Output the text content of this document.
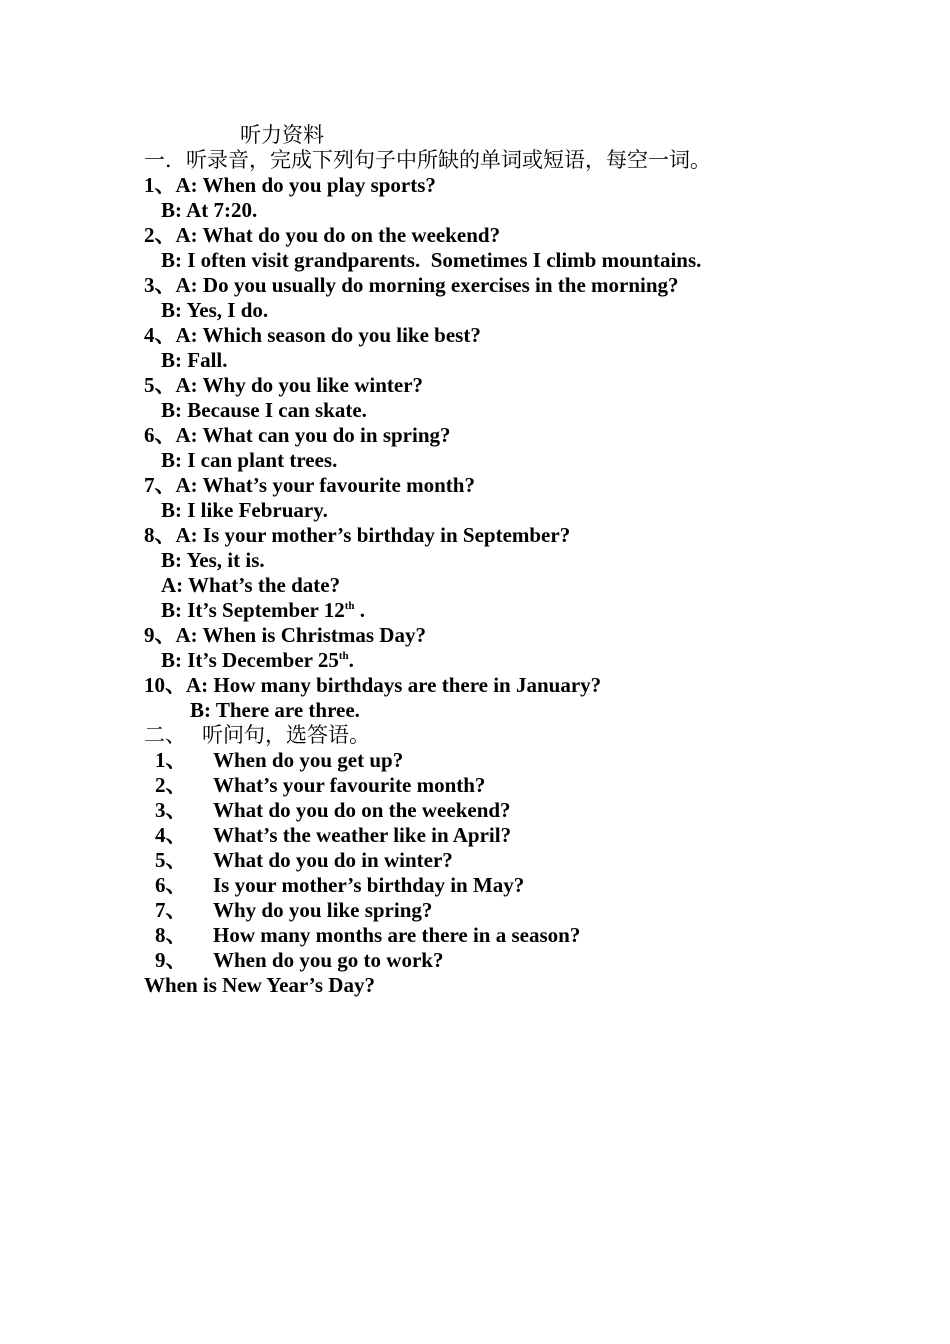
听力资料
一．听录音，完成下列句子中所缺的单词或短语，每空一词。
1、A: When do you play sports?
B: At 7:20.
2、A: What do you do on the weekend?
B: I often visit grandparents.  Sometimes I climb mountains.
3、A: Do you usually do morning exercises in the morning?
B: Yes, I do.
4、A: Which season do you like best?
B: Fall.
5、A: Why do you like winter?
B: Because I can skate.
6、A: What can you do in spring?
B: I can plant trees.
7、A: What’s your favourite month?
B: I like February.
8、A: Is your mother’s birthday in September?
B: Yes, it is.
A: What’s the date?
B: It’s September 12th .
9、A: When is Christmas Day?
B: It’s December 25th.
10、A: How many birthdays are there in January?
B: There are three.
二、 听问句，选答语。
1、 When do you get up?
2、 What’s your favourite month?
3、 What do you do on the weekend?
4、 What’s the weather like in April?
5、 What do you do in winter?
6、 Is your mother’s birthday in May?
7、 Why do you like spring?
8、 How many months are there in a season?
9、 When do you go to work?
When is New Year’s Day?
